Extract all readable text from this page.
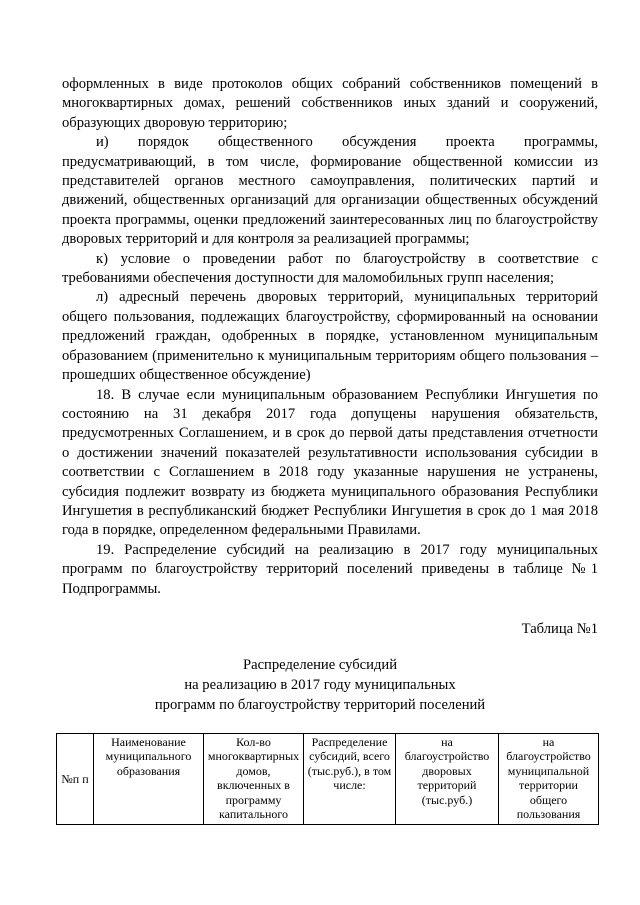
оформленных в виде протоколов общих собраний собственников помещений в многоквартирных домах, решений собственников иных зданий и сооружений, образующих дворовую территорию;

и) порядок общественного обсуждения проекта программы, предусматривающий, в том числе, формирование общественной комиссии из представителей органов местного самоуправления, политических партий и движений, общественных организаций для организации общественных обсуждений проекта программы, оценки предложений заинтересованных лиц по благоустройству дворовых территорий и для контроля за реализацией программы;

к) условие о проведении работ по благоустройству в соответствие с требованиями обеспечения доступности для маломобильных групп населения;

л) адресный перечень дворовых территорий, муниципальных территорий общего пользования, подлежащих благоустройству, сформированный на основании предложений граждан, одобренных в порядке, установленном муниципальным образованием (применительно к муниципальным территориям общего пользования – прошедших общественное обсуждение)

18. В случае если муниципальным образованием Республики Ингушетия по состоянию на 31 декабря 2017 года допущены нарушения обязательств, предусмотренных Соглашением, и в срок до первой даты представления отчетности о достижении значений показателей результативности использования субсидии в соответствии с Соглашением в 2018 году указанные нарушения не устранены, субсидия подлежит возврату из бюджета муниципального образования Республики Ингушетия в республиканский бюджет Республики Ингушетия в срок до 1 мая 2018 года в порядке, определенном федеральными Правилами.

19. Распределение субсидий на реализацию в 2017 году муниципальных программ по благоустройству территорий поселений приведены в таблице №1 Подпрограммы.

Таблица №1
Распределение субсидий
на реализацию в 2017 году муниципальных
программ по благоустройству территорий поселений
№п п	Наименование муниципального образования	Кол-во многоквартирных домов, включенных в программу капитального	Распределение субсидий, всего (тыс.руб.), в том числе:	на благоустройство дворовых территорий (тыс.руб.)	на благоустройство муниципальной территории общего пользования
